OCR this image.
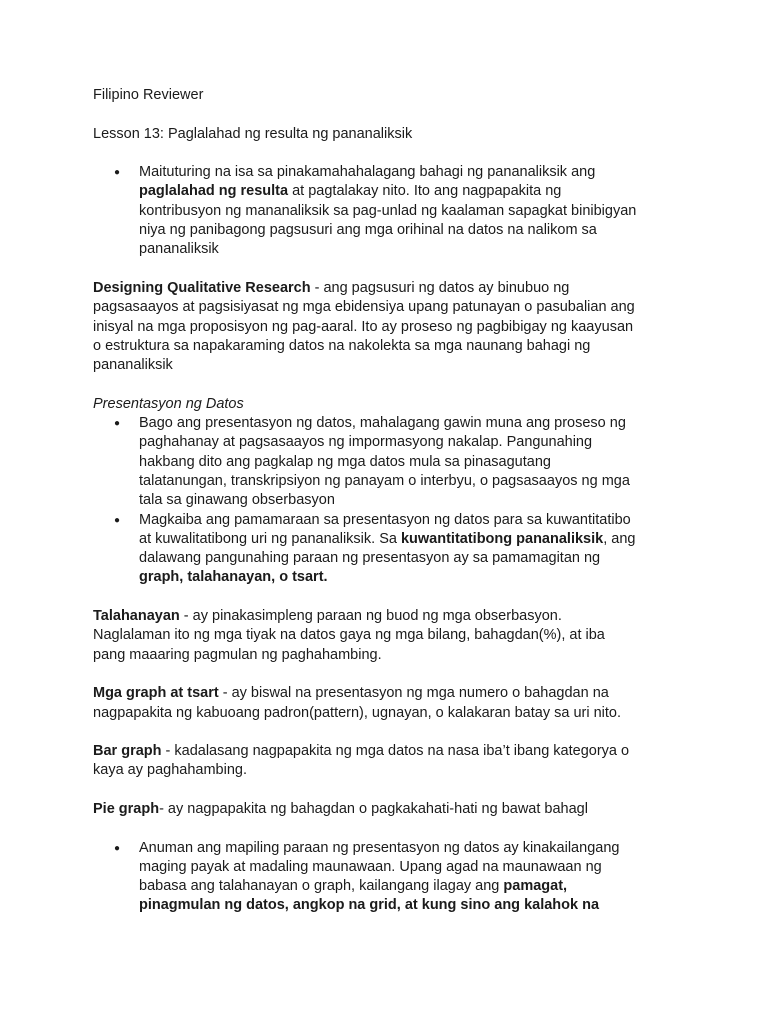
Filipino Reviewer
Lesson 13: Paglalahad ng resulta ng pananaliksik
● Maituturing na isa sa pinakamahahalagang bahagi ng pananaliksik ang
paglalahad ng resulta at pagtalakay nito. Ito ang nagpapakita ng
kontribusyon ng mananaliksik sa pag-unlad ng kaalaman sapagkat binibigyan
niya ng panibagong pagsusuri ang mga orihinal na datos na nalikom sa
pananaliksik
Designing Qualitative Research - ang pagsusuri ng datos ay binubuo ng
pagsasaayos at pagsisiyasat ng mga ebidensiya upang patunayan o pasubalian ang
inisyal na mga proposisyon ng pag-aaral. Ito ay proseso ng pagbibigay ng kaayusan
o estruktura sa napakaraming datos na nakolekta sa mga naunang bahagi ng
pananaliksik
Presentasyon ng Datos
● Bago ang presentasyon ng datos, mahalagang gawin muna ang proseso ng
paghahanay at pagsasaayos ng impormasyong nakalap. Pangunahing
hakbang dito ang pagkalap ng mga datos mula sa pinasagutang
talatanungan, transkripsiyon ng panayam o interbyu, o pagsasaayos ng mga
tala sa ginawang obserbasyon
● Magkaiba ang pamamaraan sa presentasyon ng datos para sa kuwantitatibo
at kuwalitatibong uri ng pananaliksik. Sa kuwantitatibong pananaliksik, ang
dalawang pangunahing paraan ng presentasyon ay sa pamamagitan ng
graph, talahanayan, o tsart.
Talahanayan - ay pinakasimpleng paraan ng buod ng mga obserbasyon.
Naglalaman ito ng mga tiyak na datos gaya ng mga bilang, bahagdan(%), at iba
pang maaaring pagmulan ng paghahambing.
Mga graph at tsart - ay biswal na presentasyon ng mga numero o bahagdan na
nagpapakita ng kabuoang padron(pattern), ugnayan, o kalakaran batay sa uri nito.
Bar graph - kadalasang nagpapakita ng mga datos na nasa iba’t ibang kategorya o
kaya ay paghahambing.
Pie graph- ay nagpapakita ng bahagdan o pagkakahati-hati ng bawat bahagl
● Anuman ang mapiling paraan ng presentasyon ng datos ay kinakailangang
maging payak at madaling maunawaan. Upang agad na maunawaan ng
babasa ang talahanayan o graph, kailangang ilagay ang pamagat,
pinagmulan ng datos, angkop na grid, at kung sino ang kalahok na
